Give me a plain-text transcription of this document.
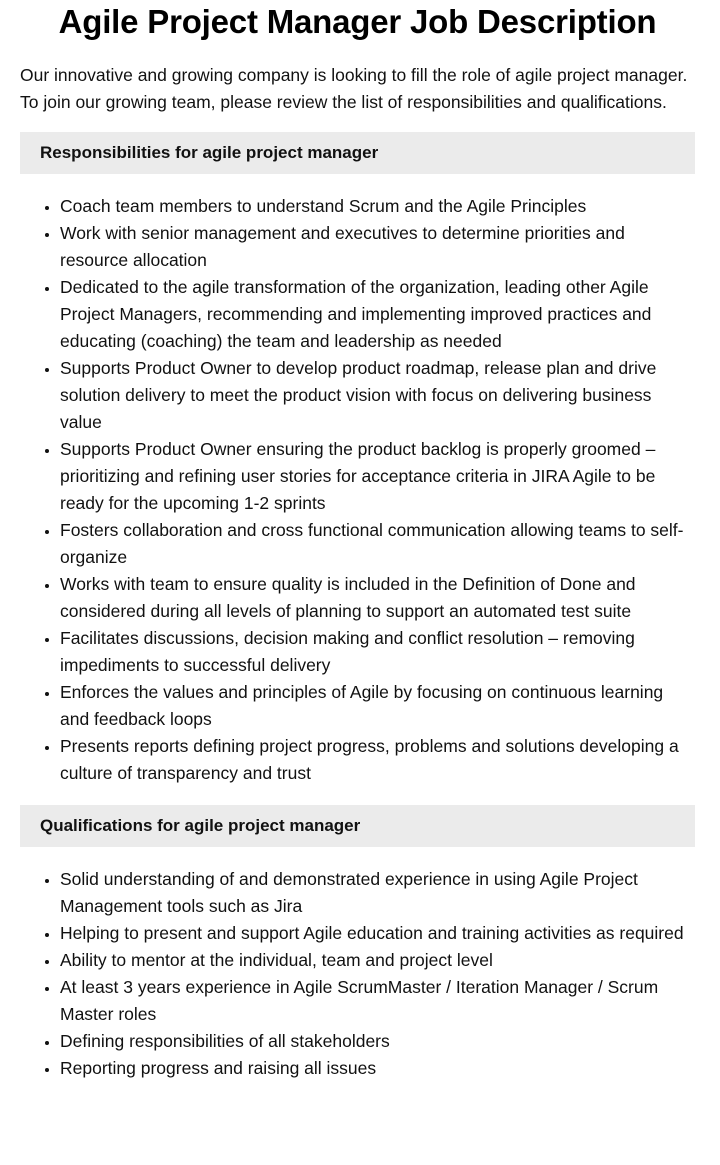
Agile Project Manager Job Description

Our innovative and growing company is looking to fill the role of agile project manager. To join our growing team, please review the list of responsibilities and qualifications.

Responsibilities for agile project manager
• Coach team members to understand Scrum and the Agile Principles
• Work with senior management and executives to determine priorities and resource allocation
• Dedicated to the agile transformation of the organization, leading other Agile Project Managers, recommending and implementing improved practices and educating (coaching) the team and leadership as needed
• Supports Product Owner to develop product roadmap, release plan and drive solution delivery to meet the product vision with focus on delivering business value
• Supports Product Owner ensuring the product backlog is properly groomed – prioritizing and refining user stories for acceptance criteria in JIRA Agile to be ready for the upcoming 1-2 sprints
• Fosters collaboration and cross functional communication allowing teams to self-organize
• Works with team to ensure quality is included in the Definition of Done and considered during all levels of planning to support an automated test suite
• Facilitates discussions, decision making and conflict resolution – removing impediments to successful delivery
• Enforces the values and principles of Agile by focusing on continuous learning and feedback loops
• Presents reports defining project progress, problems and solutions developing a culture of transparency and trust
Qualifications for agile project manager
• Solid understanding of and demonstrated experience in using Agile Project Management tools such as Jira
• Helping to present and support Agile education and training activities as required
• Ability to mentor at the individual, team and project level
• At least 3 years experience in Agile ScrumMaster / Iteration Manager / Scrum Master roles
• Defining responsibilities of all stakeholders
• Reporting progress and raising all issues
